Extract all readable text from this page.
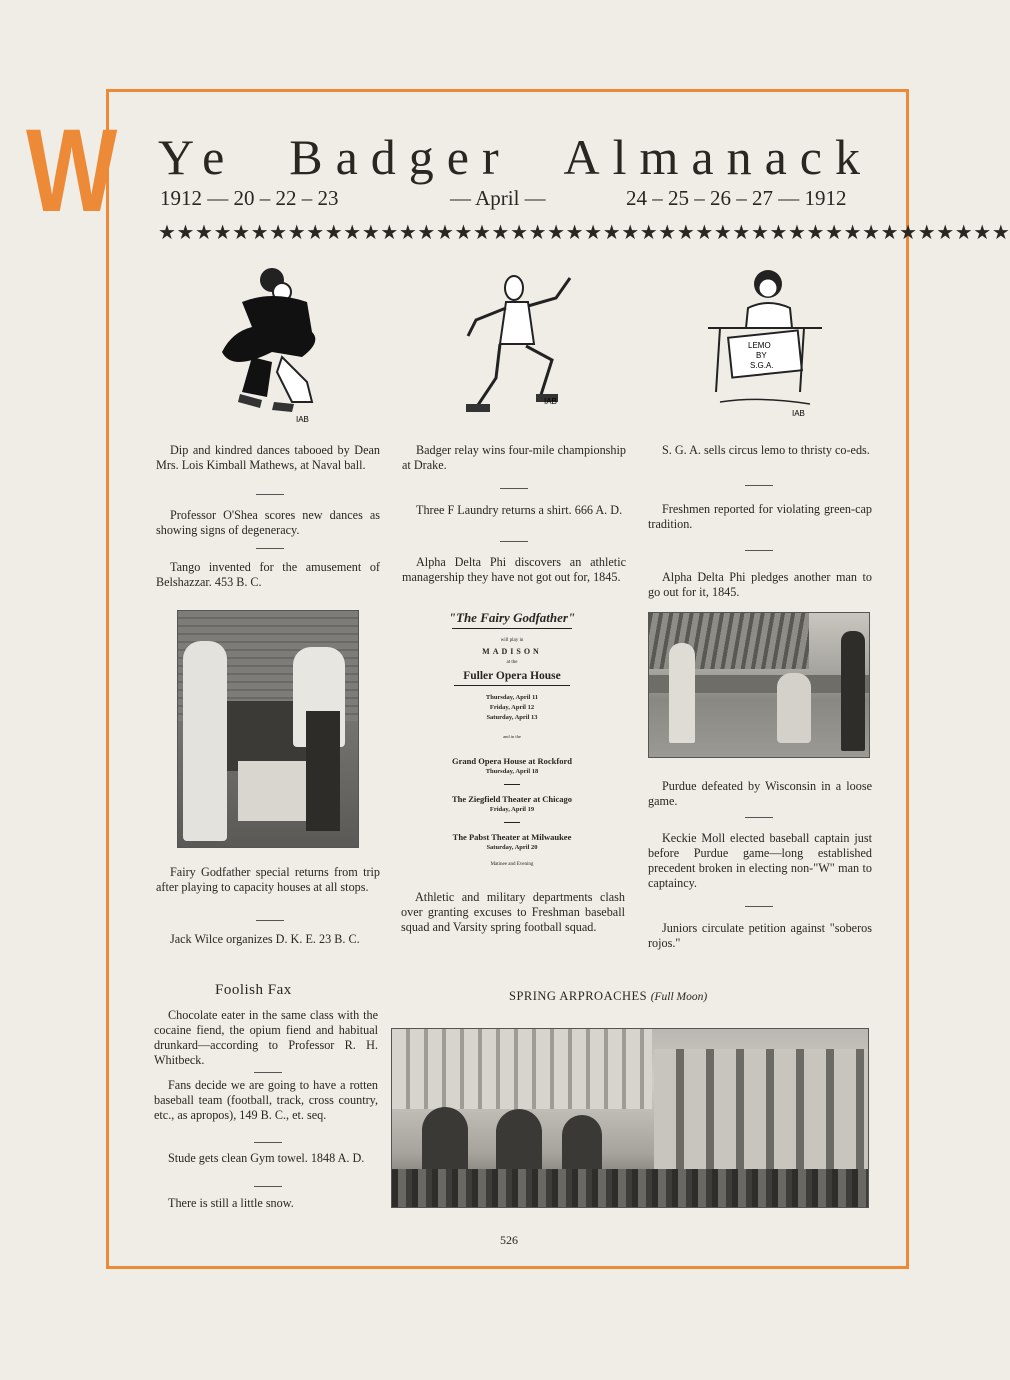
W Ye Badger Almanack
1912 — 20 – 22 – 23	— April —	24 – 25 – 26 – 27 — 1912
★★★★★★★★★★★★★★★★★★★★★★★★★★★★★★★★★★★★★★★★★★★★★★
IAB
IAB
LEMO
BY
S.G.A.
IAB
Dip and kindred dances tabooed by Dean Mrs. Lois Kimball Mathews, at Naval ball.
Professor O'Shea scores new dances as showing signs of degeneracy.
Tango invented for the amusement of Belshazzar. 453 B. C.
Fairy Godfather special returns from trip after playing to capacity houses at all stops.
Jack Wilce organizes D. K. E. 23 B. C.
Badger relay wins four-mile championship at Drake.
Three F Laundry returns a shirt. 666 A. D.
Alpha Delta Phi discovers an athletic managership they have not got out for, 1845.
"The Fairy Godfather"
will play in
MADISON
at the
Fuller Opera House
Thursday, April 11
Friday, April 12
Saturday, April 13
and in the
Grand Opera House at Rockford
Thursday, April 18
The Ziegfield Theater at Chicago
Friday, April 19
The Pabst Theater at Milwaukee
Saturday, April 20
Matinee and Evening
Athletic and military departments clash over granting excuses to Freshman baseball squad and Varsity spring football squad.
S. G. A. sells circus lemo to thristy co-eds.
Freshmen reported for violating green-cap tradition.
Alpha Delta Phi pledges another man to go out for it, 1845.
Purdue defeated by Wisconsin in a loose game.
Keckie Moll elected baseball captain just before Purdue game—long established precedent broken in electing non-"W" man to captaincy.
Juniors circulate petition against "soberos rojos."
Foolish Fax
Chocolate eater in the same class with the cocaine fiend, the opium fiend and habitual drunkard—according to Professor R. H. Whitbeck.
Fans decide we are going to have a rotten baseball team (football, track, cross country, etc., as apropos), 149 B. C., et. seq.
Stude gets clean Gym towel. 1848 A. D.
There is still a little snow.
SPRING ARPROACHES (Full Moon)
526
